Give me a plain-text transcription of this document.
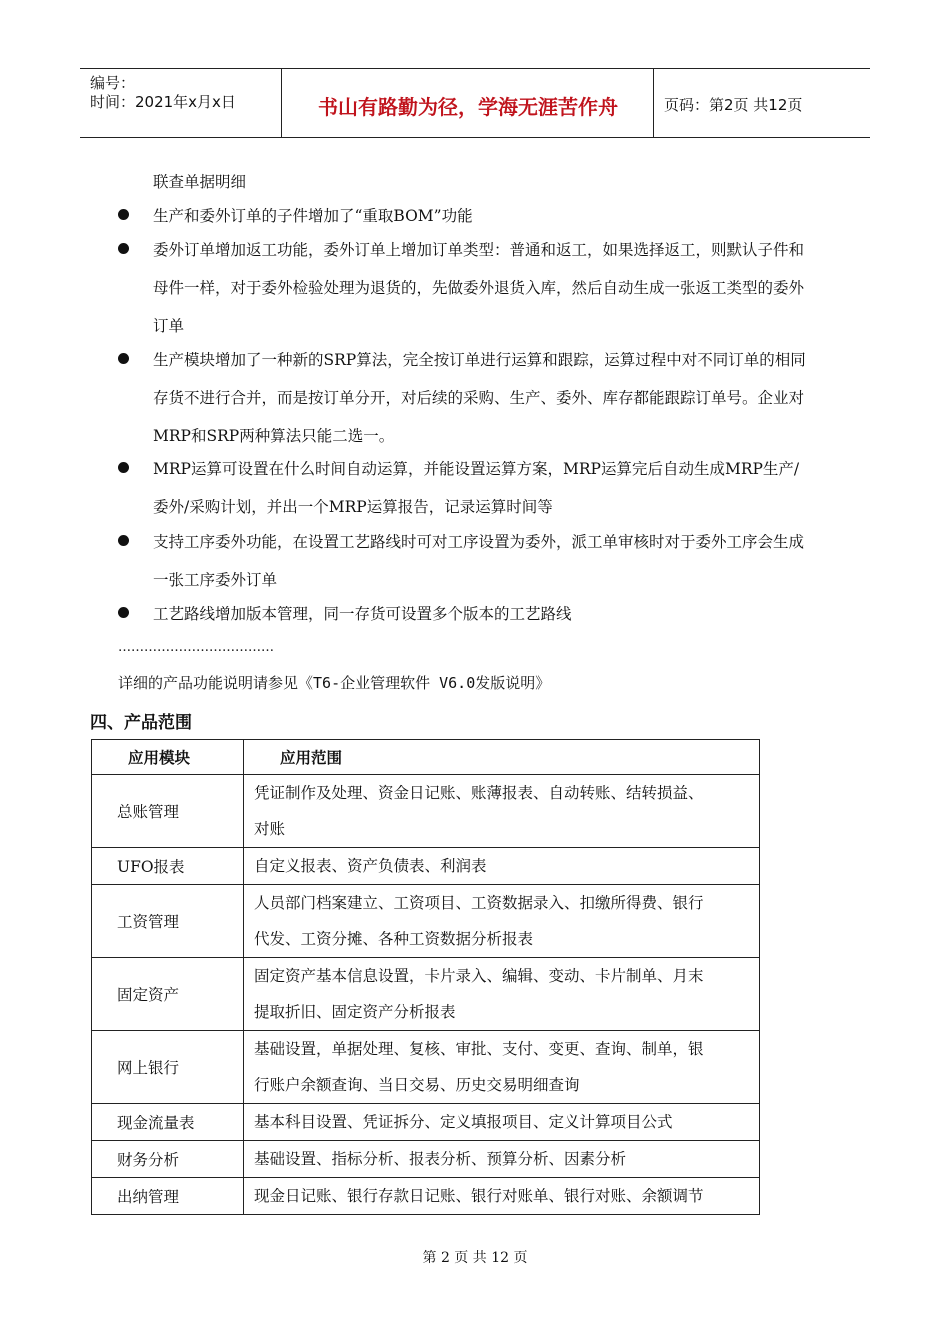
编号：
时间：2021年x月x日	书山有路勤为径，学海无涯苦作舟	页码：第2页 共12页
联查单据明细
生产和委外订单的子件增加了“重取BOM”功能
委外订单增加返工功能，委外订单上增加订单类型：普通和返工，如果选择返工，则默认子件和
母件一样，对于委外检验处理为退货的，先做委外退货入库，然后自动生成一张返工类型的委外
订单
生产模块增加了一种新的SRP算法，完全按订单进行运算和跟踪，运算过程中对不同订单的相同
存货不进行合并，而是按订单分开，对后续的采购、生产、委外、库存都能跟踪订单号。企业对
MRP和SRP两种算法只能二选一。
MRP运算可设置在什么时间自动运算，并能设置运算方案，MRP运算完后自动生成MRP生产/
委外/采购计划，并出一个MRP运算报告，记录运算时间等
支持工序委外功能，在设置工艺路线时可对工序设置为委外，派工单审核时对于委外工序会生成
一张工序委外订单
工艺路线增加版本管理，同一存货可设置多个版本的工艺路线
………………………………
详细的产品功能说明请参见《T6-企业管理软件 V6.0发版说明》
四、产品范围
应用模块	应用范围
总账管理	凭证制作及处理、资金日记账、账薄报表、自动转账、结转损益、
对账

UFO报表	自定义报表、资产负债表、利润表

工资管理	人员部门档案建立、工资项目、工资数据录入、扣缴所得费、银行
代发、工资分摊、各种工资数据分析报表

固定资产	固定资产基本信息设置，卡片录入、编辑、变动、卡片制单、月末
提取折旧、固定资产分析报表

网上银行	基础设置，单据处理、复核、审批、支付、变更、查询、制单，银
行账户余额查询、当日交易、历史交易明细查询

现金流量表	基本科目设置、凭证拆分、定义填报项目、定义计算项目公式

财务分析	基础设置、指标分析、报表分析、预算分析、因素分析

出纳管理	现金日记账、银行存款日记账、银行对账单、银行对账、余额调节
第 2 页 共 12 页
